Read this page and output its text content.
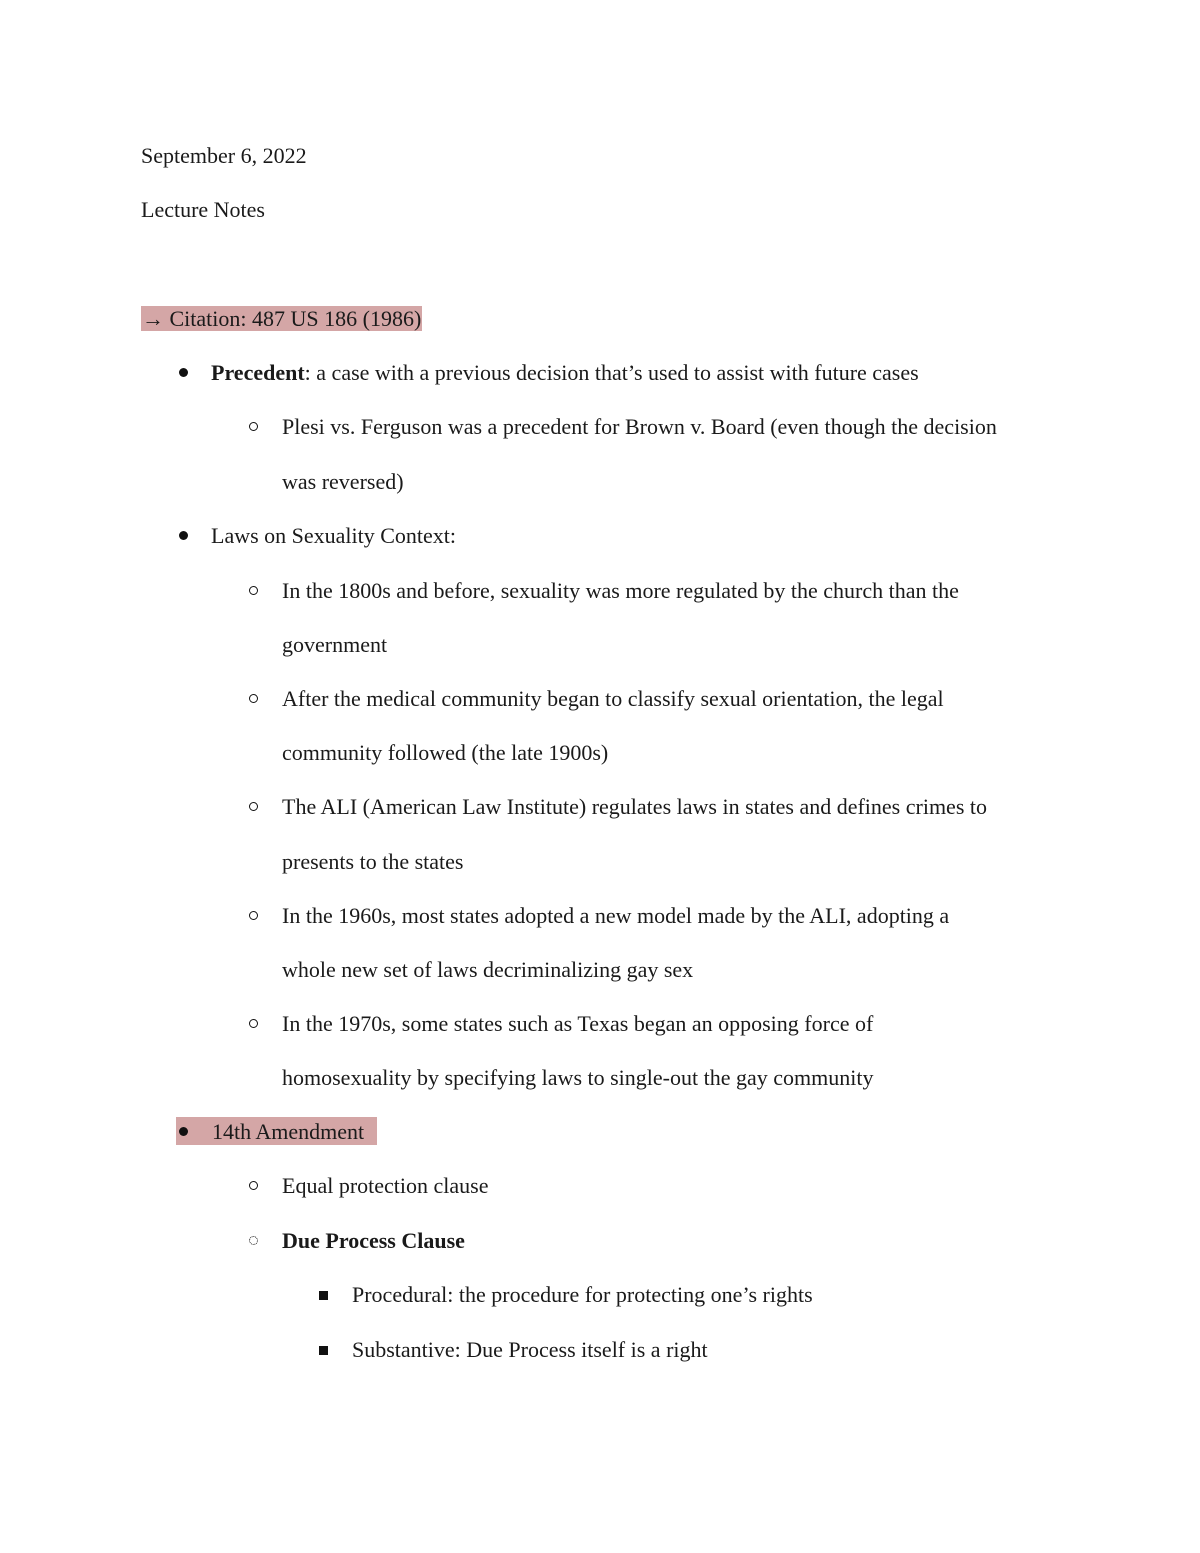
September 6, 2022
Lecture Notes
→ Citation: 487 US 186 (1986)
Precedent: a case with a previous decision that’s used to assist with future cases
Plesi vs. Ferguson was a precedent for Brown v. Board (even though the decision
was reversed)
Laws on Sexuality Context:
In the 1800s and before, sexuality was more regulated by the church than the
government
After the medical community began to classify sexual orientation, the legal
community followed (the late 1900s)
The ALI (American Law Institute) regulates laws in states and defines crimes to
presents to the states
In the 1960s, most states adopted a new model made by the ALI, adopting a
whole new set of laws decriminalizing gay sex
In the 1970s, some states such as Texas began an opposing force of
homosexuality by specifying laws to single-out the gay community
14th Amendment
Equal protection clause
Due Process Clause
Procedural: the procedure for protecting one’s rights
Substantive: Due Process itself is a right
